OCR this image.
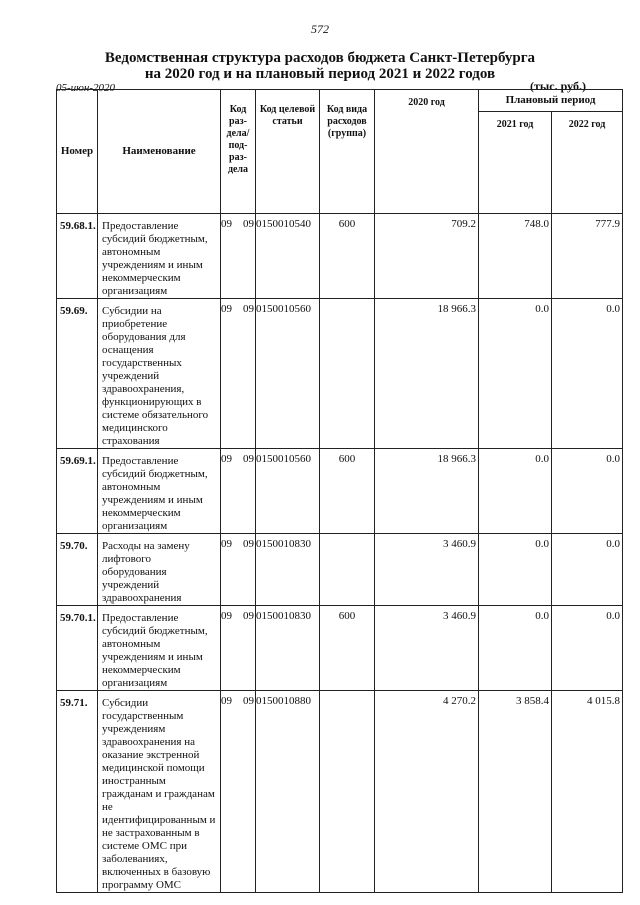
572
Ведомственная структура расходов бюджета Санкт-Петербурга
на 2020 год и на плановый период 2021 и 2022 годов
05-июн-2020	(тыс. руб.)
Номер	Наименование	Код раз-дела/ под-раз-дела	Код целевой статьи	Код вида расходов (группа)	2020 год	Плановый период	
						2021 год	2022 год
59.68.1.	Предоставление субсидий бюджетным, автономным учреждениям и иным некоммерческим организациям	09 09	0150010540	600	709.2	748.0	777.9
59.69.	Субсидии на приобретение оборудования для оснащения государственных учреждений здравоохранения, функционирующих в системе обязательного медицинского страхования	09 09	0150010560		18 966.3	0.0	0.0
59.69.1.	Предоставление субсидий бюджетным, автономным учреждениям и иным некоммерческим организациям	09 09	0150010560	600	18 966.3	0.0	0.0
59.70.	Расходы на замену лифтового оборудования учреждений здравоохранения	09 09	0150010830		3 460.9	0.0	0.0
59.70.1.	Предоставление субсидий бюджетным, автономным учреждениям и иным некоммерческим организациям	09 09	0150010830	600	3 460.9	0.0	0.0
59.71.	Субсидии государственным учреждениям здравоохранения на оказание экстренной медицинской помощи иностранным гражданам и гражданам не идентифицированным и не застрахованным в системе ОМС при заболеваниях, включенных в базовую программу ОМС	09 09	0150010880		4 270.2	3 858.4	4 015.8
